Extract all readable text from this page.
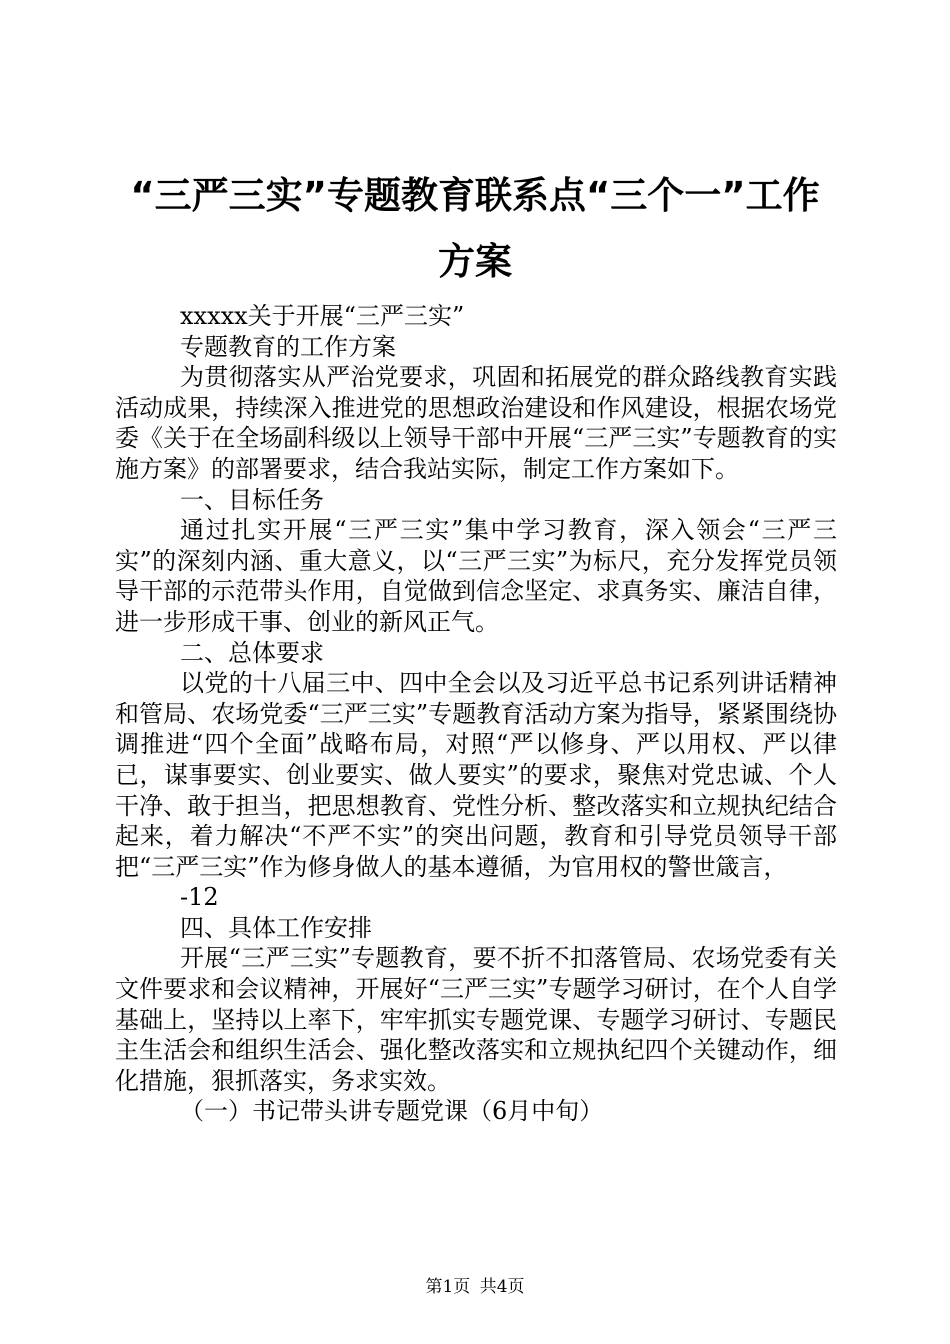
“三严三实”专题教育联系点“三个一”工作
方案

xxxxx关于开展“三严三实”

专题教育的工作方案

为贯彻落实从严治党要求，巩固和拓展党的群众路线教育实践活动成果，持续深入推进党的思想政治建设和作风建设，根据农场党委《关于在全场副科级以上领导干部中开展“三严三实”专题教育的实施方案》的部署要求，结合我站实际，制定工作方案如下。

一、目标任务

通过扎实开展“三严三实”集中学习教育，深入领会“三严三实”的深刻内涵、重大意义，以“三严三实”为标尺，充分发挥党员领导干部的示范带头作用，自觉做到信念坚定、求真务实、廉洁自律，进一步形成干事、创业的新风正气。

二、总体要求

以党的十八届三中、四中全会以及习近平总书记系列讲话精神和管局、农场党委“三严三实”专题教育活动方案为指导，紧紧围绕协调推进“四个全面”战略布局，对照“严以修身、严以用权、严以律已，谋事要实、创业要实、做人要实”的要求，聚焦对党忠诚、个人干净、敢于担当，把思想教育、党性分析、整改落实和立规执纪结合起来，着力解决“不严不实”的突出问题，教育和引导党员领导干部把“三严三实”作为修身做人的基本遵循，为官用权的警世箴言，

-12

四、具体工作安排

开展“三严三实”专题教育，要不折不扣落管局、农场党委有关文件要求和会议精神，开展好“三严三实”专题学习研讨，在个人自学基础上，坚持以上率下，牢牢抓实专题党课、专题学习研讨、专题民主生活会和组织生活会、强化整改落实和立规执纪四个关键动作，细化措施，狠抓落实，务求实效。

（一）书记带头讲专题党课（6月中旬）

第1页 共4页
